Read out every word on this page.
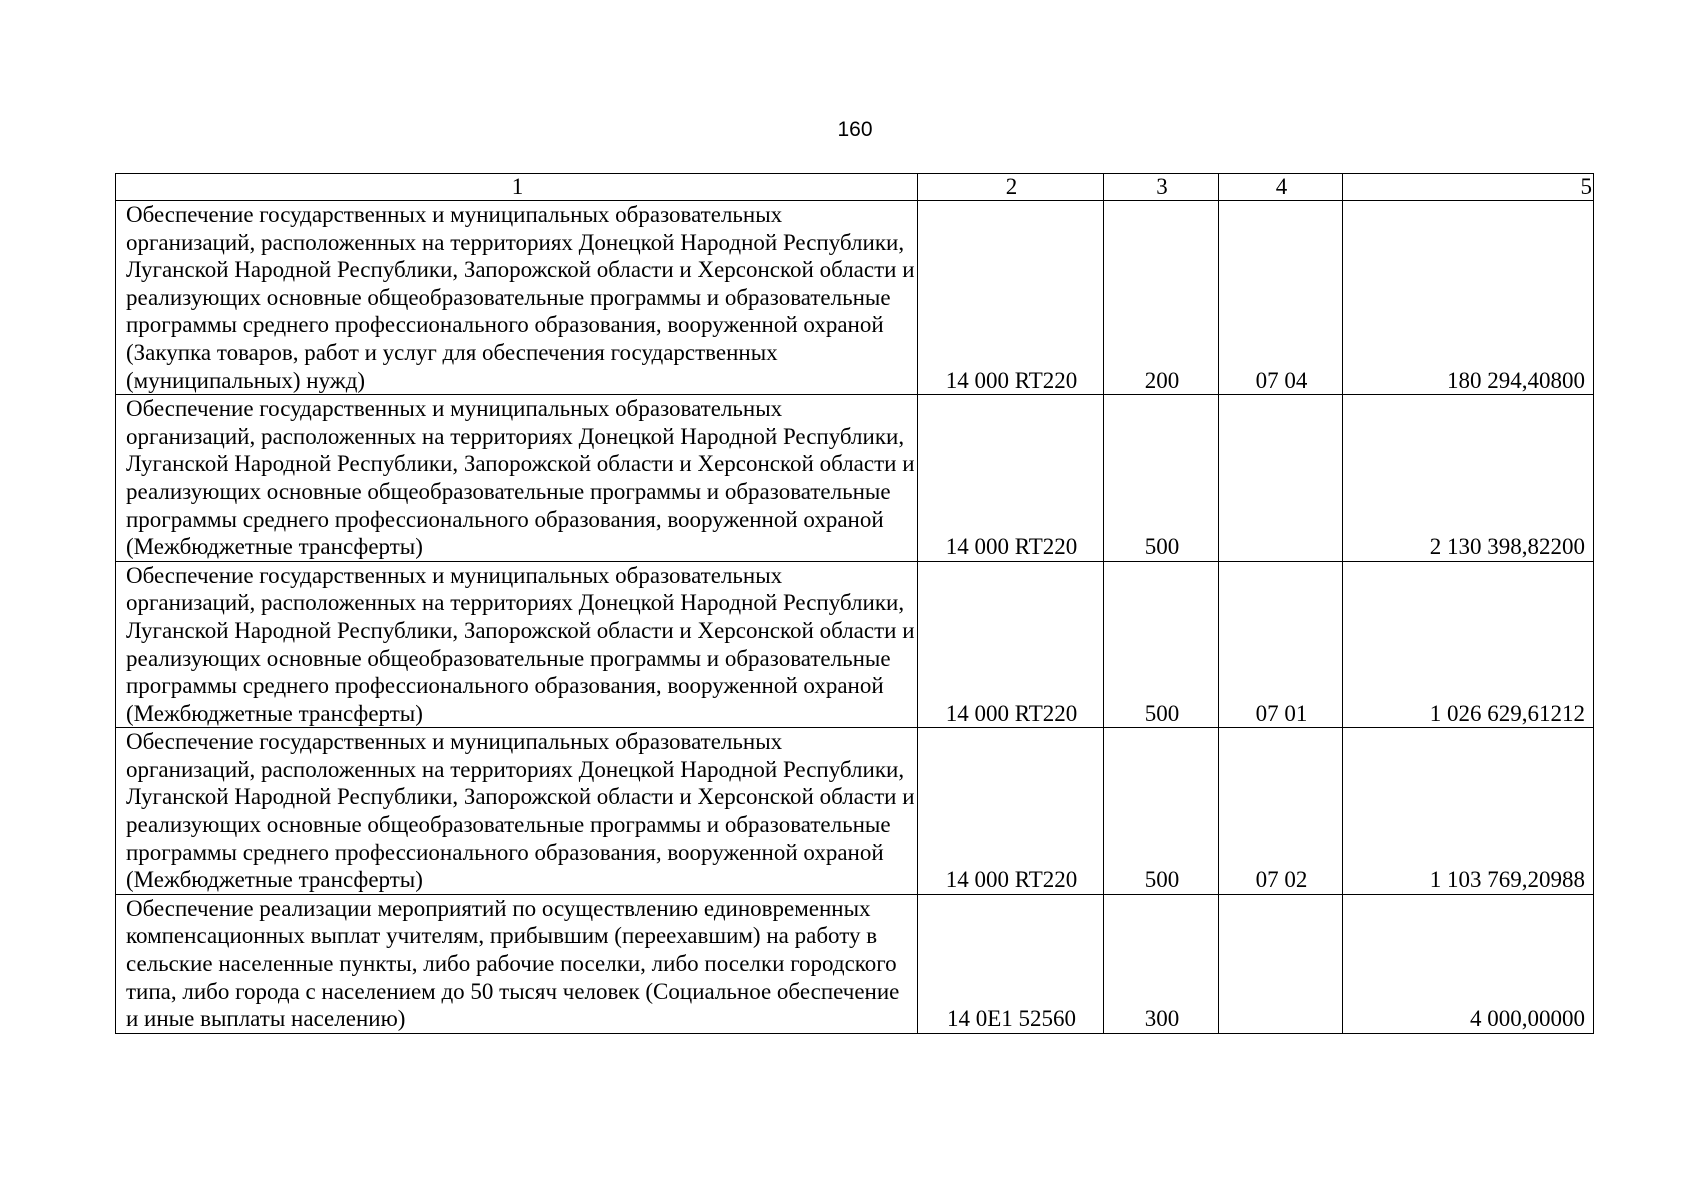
160
1	2	3	4	5

Обеспечение государственных и муниципальных образовательных организаций, расположенных на территориях Донецкой Народной Республики, Луганской Народной Республики, Запорожской области и Херсонской области и реализующих основные общеобразовательные программы и образовательные программы среднего профессионального образования, вооруженной охраной (Закупка товаров, работ и услуг для обеспечения государственных (муниципальных) нужд)	14 000 RT220	200	07 04	180 294,40800

Обеспечение государственных и муниципальных образовательных организаций, расположенных на территориях Донецкой Народной Республики, Луганской Народной Республики, Запорожской области и Херсонской области и реализующих основные общеобразовательные программы и образовательные программы среднего профессионального образования, вооруженной охраной (Межбюджетные трансферты)	14 000 RT220	500		2 130 398,82200

Обеспечение государственных и муниципальных образовательных организаций, расположенных на территориях Донецкой Народной Республики, Луганской Народной Республики, Запорожской области и Херсонской области и реализующих основные общеобразовательные программы и образовательные программы среднего профессионального образования, вооруженной охраной (Межбюджетные трансферты)	14 000 RT220	500	07 01	1 026 629,61212

Обеспечение государственных и муниципальных образовательных организаций, расположенных на территориях Донецкой Народной Республики, Луганской Народной Республики, Запорожской области и Херсонской области и реализующих основные общеобразовательные программы и образовательные программы среднего профессионального образования, вооруженной охраной (Межбюджетные трансферты)	14 000 RT220	500	07 02	1 103 769,20988

Обеспечение реализации мероприятий по осуществлению единовременных компенсационных выплат учителям, прибывшим (переехавшим) на работу в сельские населенные пункты, либо рабочие поселки, либо поселки городского типа, либо города с населением до 50 тысяч человек (Социальное обеспечение и иные выплаты населению)	14 0E1 52560	300		4 000,00000
